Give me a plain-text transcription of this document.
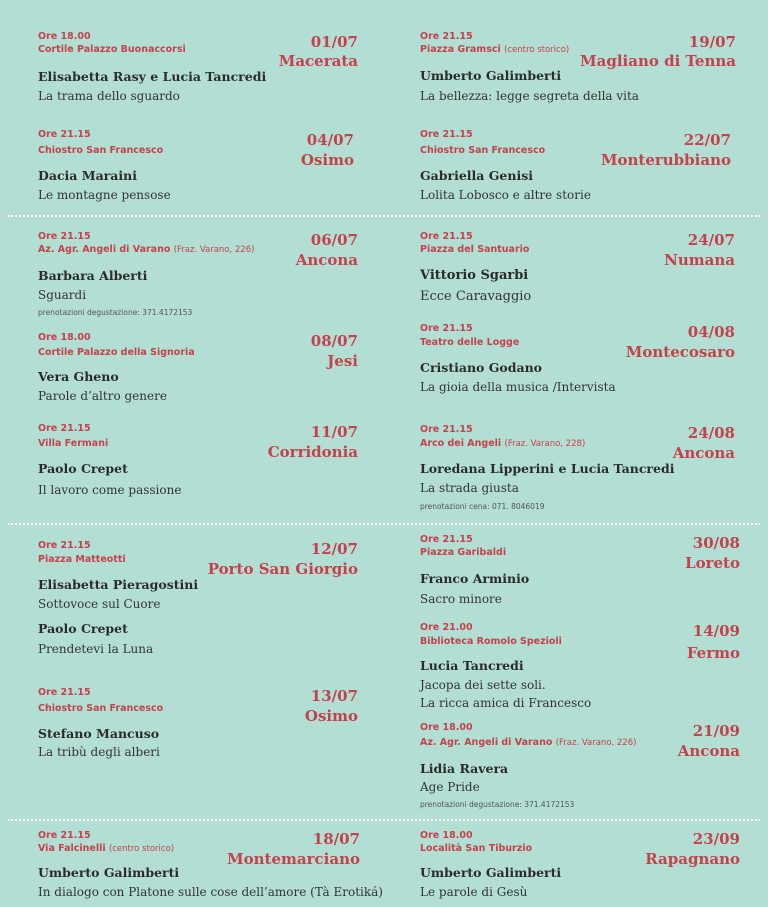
Ore 18.00
Cortile Palazzo Buonaccorsi	01/07
Macerata
Elisabetta Rasy e Lucia Tancredi
La trama dello sguardo
Ore 21.15
Chiostro San Francesco
04/07
Osimo
Dacia Maraini
Le montagne pensose
Ore 21.15
Az. Agr. Angeli di Varano (Fraz. Varano, 226)
06/07
Ancona
Barbara Alberti
Sguardi
prenotazioni degustazione: 371.4172153
Ore 18.00
Cortile Palazzo della Signoria
08/07
Jesi
Vera Gheno
Parole d’altro genere
Ore 21.15
Villa Fermani
11/07
Corridonia
Paolo Crepet
Il lavoro come passione
Ore 21.15
Piazza Matteotti
12/07
Porto San Giorgio
Elisabetta Pieragostini
Sottovoce sul Cuore
Paolo Crepet
Prendetevi la Luna
Ore 21.15
Chiostro San Francesco
13/07
Osimo
Stefano Mancuso
La tribù degli alberi
Ore 21.15
Via Falcinelli (centro storico)
18/07
Montemarciano
Umberto Galimberti
In dialogo con Platone sulle cose dell’amore (Tà Erotiká)
Ore 21.15
Piazza Gramsci (centro storico)	19/07
Magliano di Tenna
Umberto Galimberti
La bellezza: legge segreta della vita
Ore 21.15
Chiostro San Francesco
22/07
Monterubbiano
Gabriella Genisi
Lolita Lobosco e altre storie
Ore 21.15
Piazza del Santuario
24/07
Numana
Vittorio Sgarbi
Ecce Caravaggio
Ore 21.15
Teatro delle Logge
04/08
Montecosaro
Cristiano Godano
La gioia della musica /Intervista
Ore 21.15
Arco dei Angeli (Fraz. Varano, 228)
24/08
Ancona
Loredana Lipperini e Lucia Tancredi
La strada giusta
prenotazioni cena: 071. 8046019
Ore 21.15
Piazza Garibaldi
30/08
Loreto
Franco Arminio
Sacro minore
Ore 21.00
Biblioteca Romolo Spezioli
14/09
Fermo
Lucia Tancredi
Jacopa dei sette soli.
La ricca amica di Francesco
Ore 18.00
Az. Agr. Angeli di Varano (Fraz. Varano, 226)
21/09
Ancona
Lidia Ravera
Age Pride
prenotazioni degustazione: 371.4172153
Ore 18.00
Località San Tiburzio
23/09
Rapagnano
Umberto Galimberti
Le parole di Gesù
